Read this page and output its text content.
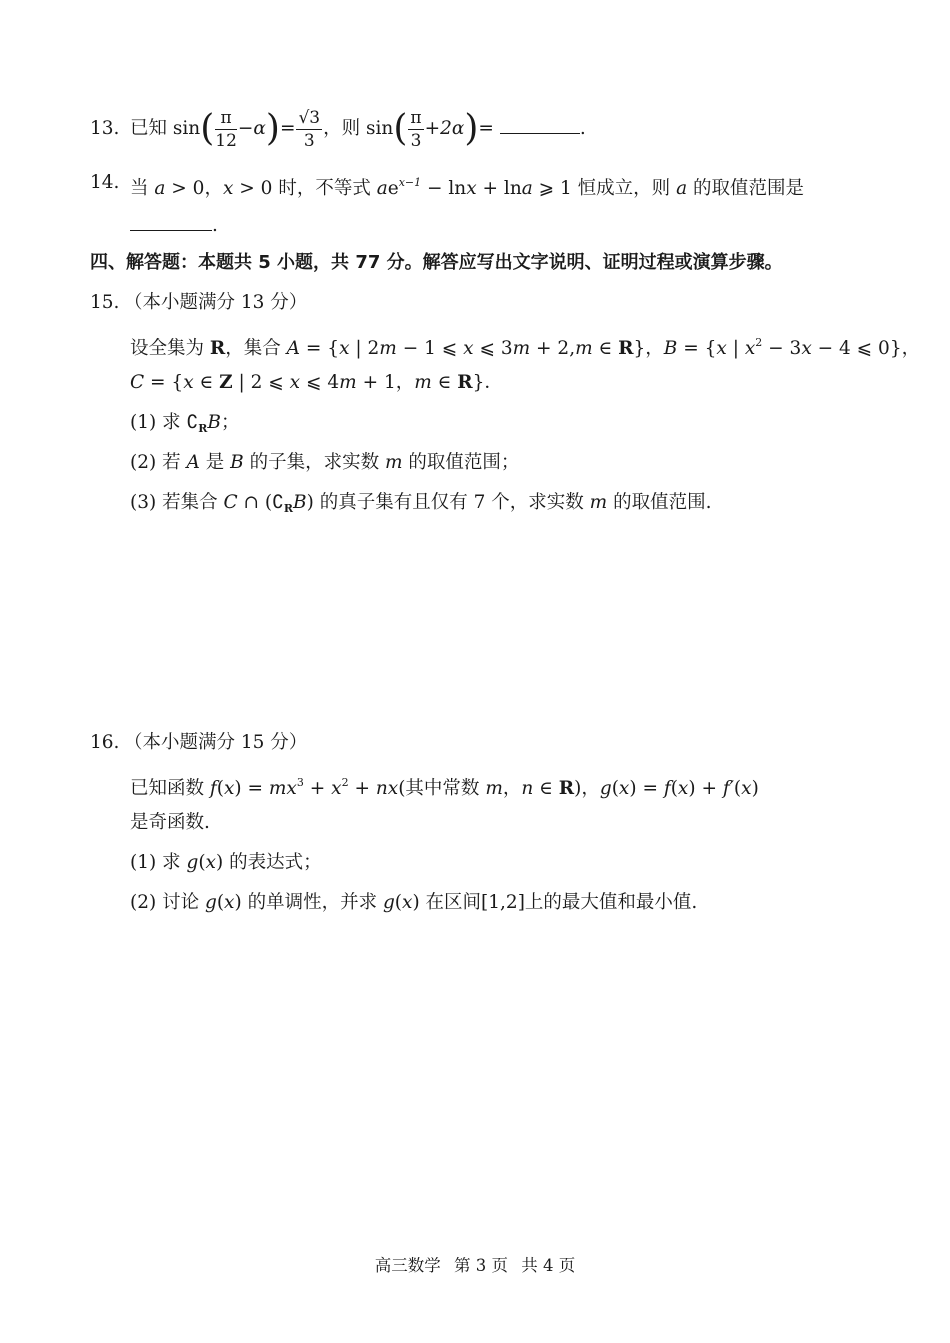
13. 已知 $\sin( \frac{\pi}{12} -\alpha)= \frac{√3}{3}$ ，则 $\sin( \frac{\pi}{3} +2\alpha)=$	.
14. 当 a > 0，x > 0 时，不等式 $ae^{x-1} - \ln x + \ln a$ ⩾ 1 恒成立，则 a 的取值范围是
.
四、解答题：本题共 5 小题，共 77 分。解答应写出文字说明、证明过程或演算步骤。
15. （本小题满分 13 分）
设全集为 R，集合 A = {x | 2m − 1 ⩽ x ⩽ 3m + 2,m ∈ R}，B = {x | $x^2 - 3x - 4$ ⩽ 0}，
C = {x ∈ Z | 2 ⩽ x ⩽ 4m + 1，m ∈ R}．
(1) 求 $∁_RB$；
(2) 若 A 是 B 的子集，求实数 m 的取值范围；
(3) 若集合 C ∩ $(∁_RB)$ 的真子集有且仅有 7 个，求实数 m 的取值范围.
16. （本小题满分 15 分）
已知函数 $f(x) = mx^3 + x^2 + nx$(其中常数 m，n ∈ R)，g(x) = f(x) + f′(x)
是奇函数.
(1) 求 g(x) 的表达式；
(2) 讨论 g(x) 的单调性，并求 g(x) 在区间[1,2]上的最大值和最小值.
高三数学 第 3 页 共 4 页
